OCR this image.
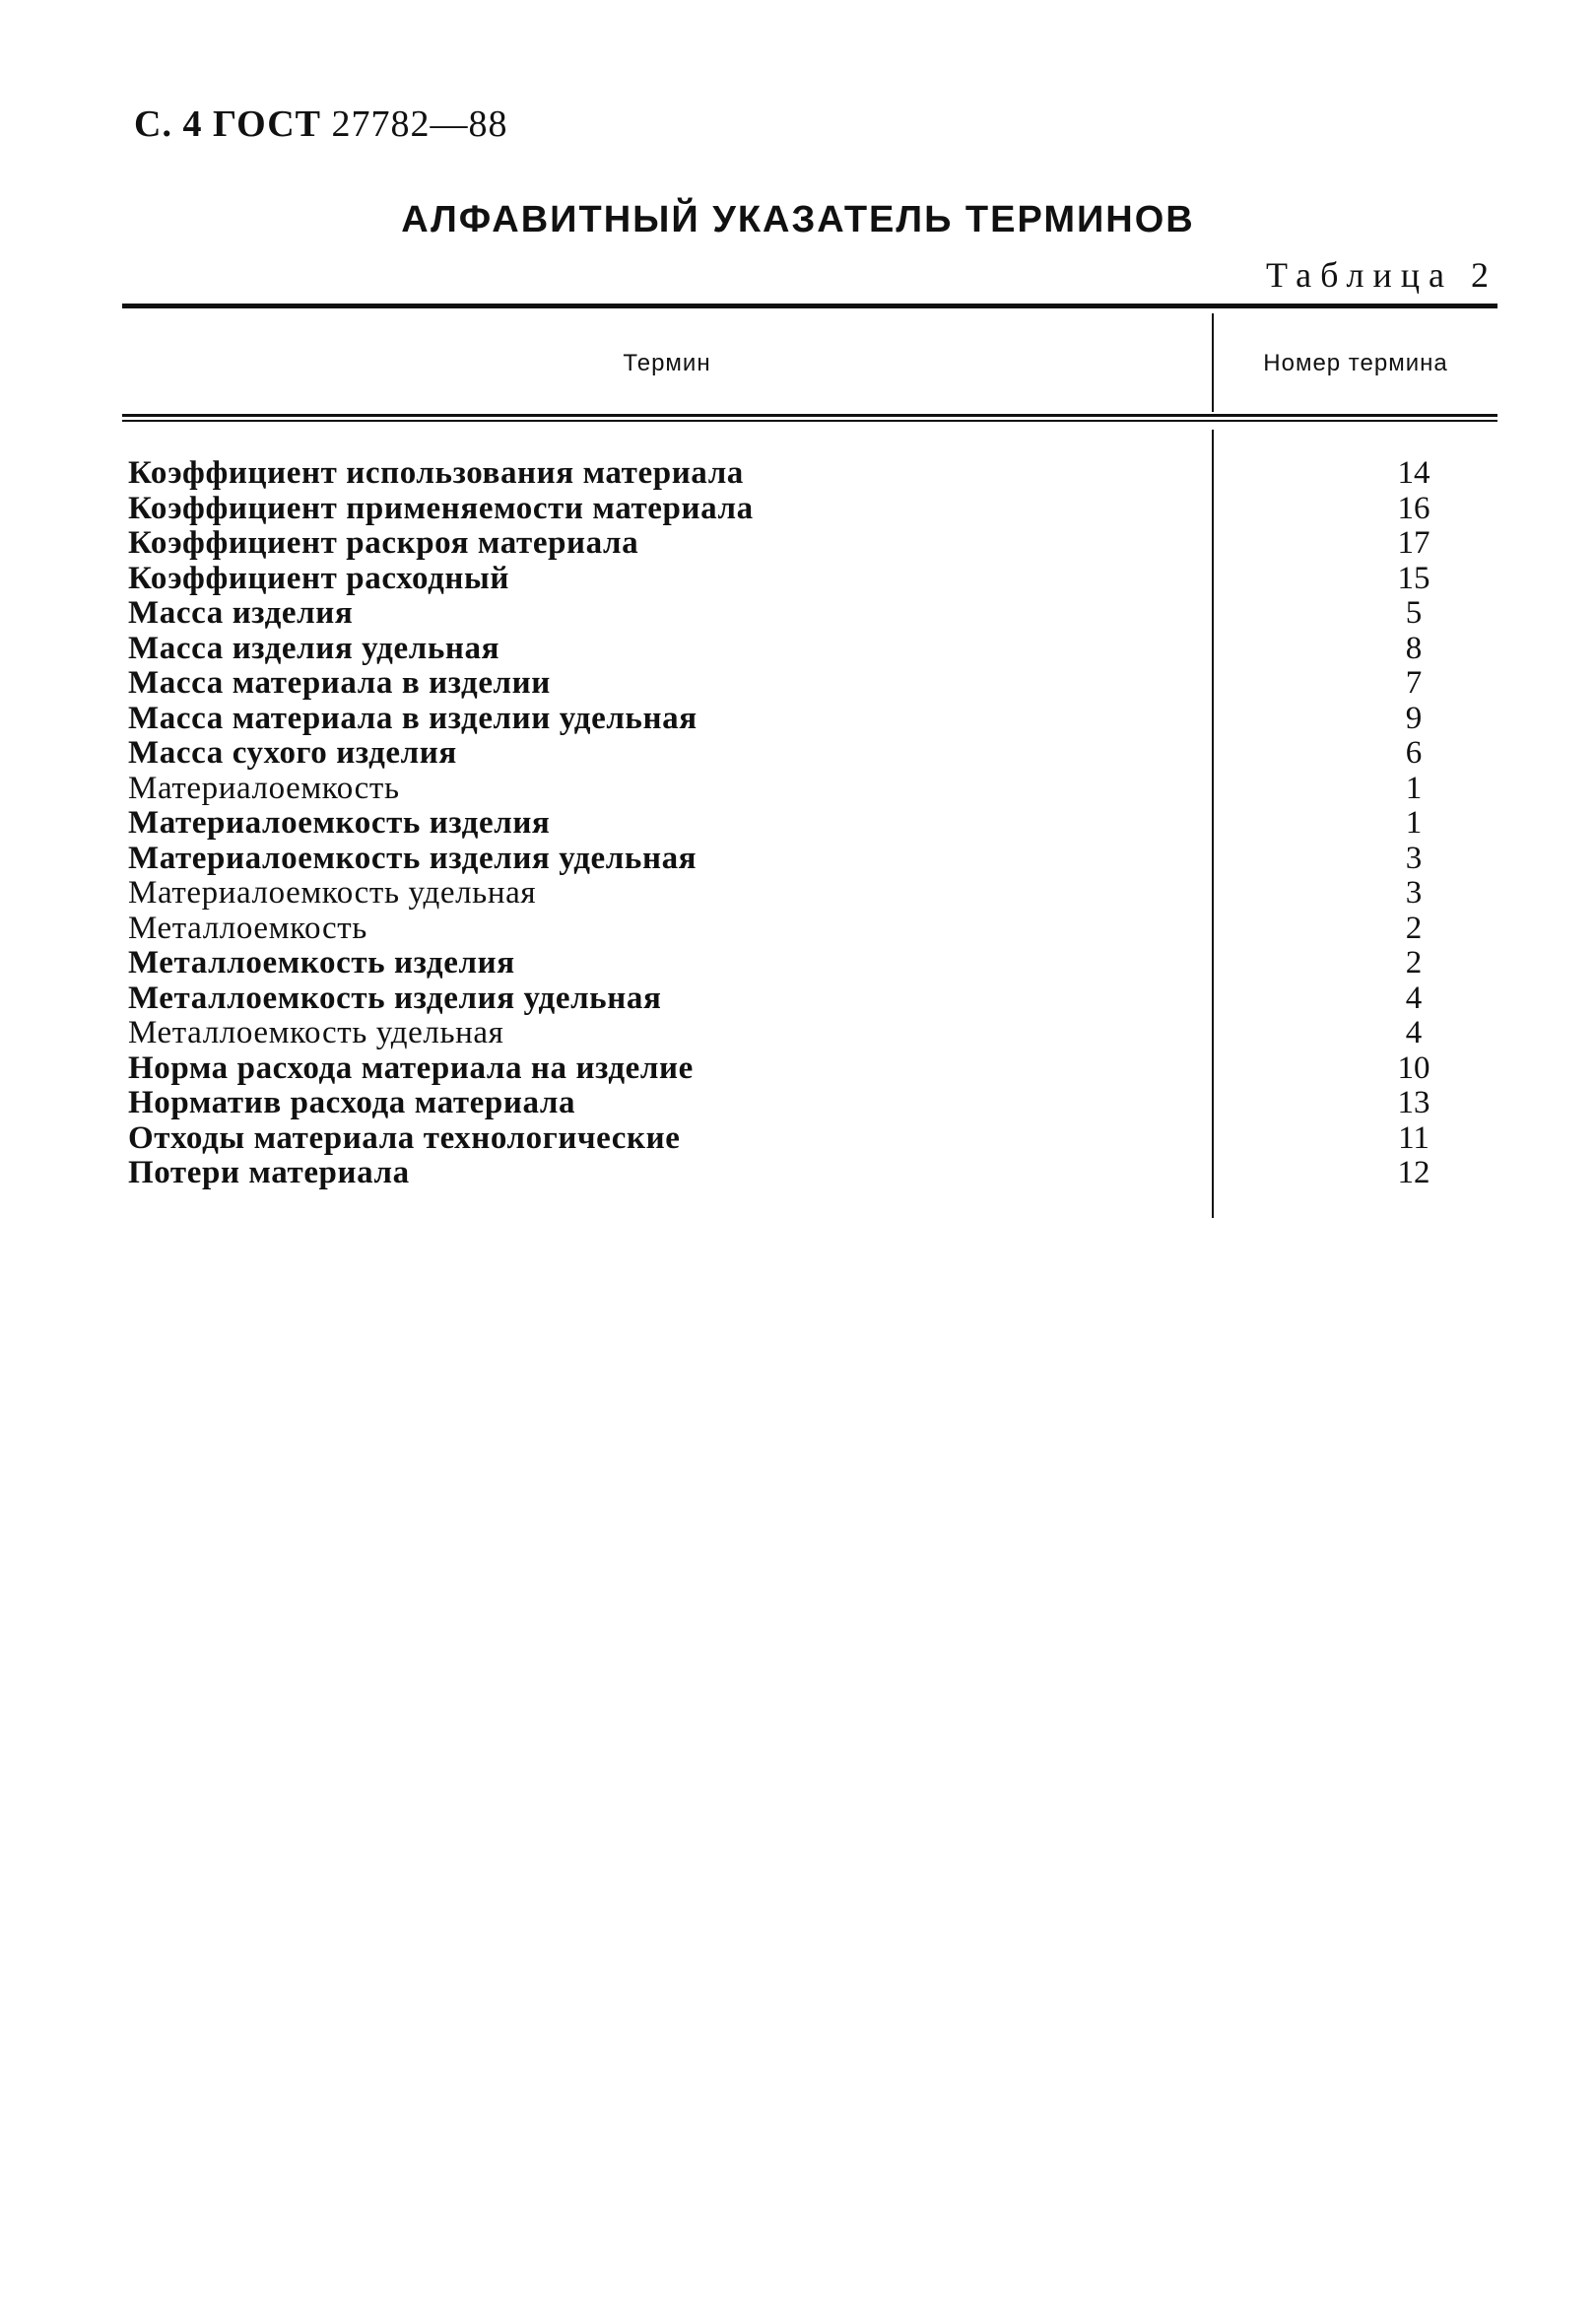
С. 4 ГОСТ 27782—88
АЛФАВИТНЫЙ УКАЗАТЕЛЬ ТЕРМИНОВ
Таблица 2
Термин	Номер термина
Коэффициент использования материала	14
Коэффициент применяемости материала	16
Коэффициент раскроя материала	17
Коэффициент расходный	15
Масса изделия	5
Масса изделия удельная	8
Масса материала в изделии	7
Масса материала в изделии удельная	9
Масса сухого изделия	6
Материалоемкость	1
Материалоемкость изделия	1
Материалоемкость изделия удельная	3
Материалоемкость удельная	3
Металлоемкость	2
Металлоемкость изделия	2
Металлоемкость изделия удельная	4
Металлоемкость удельная	4
Норма расхода материала на изделие	10
Норматив расхода материала	13
Отходы материала технологические	11
Потери материала	12
